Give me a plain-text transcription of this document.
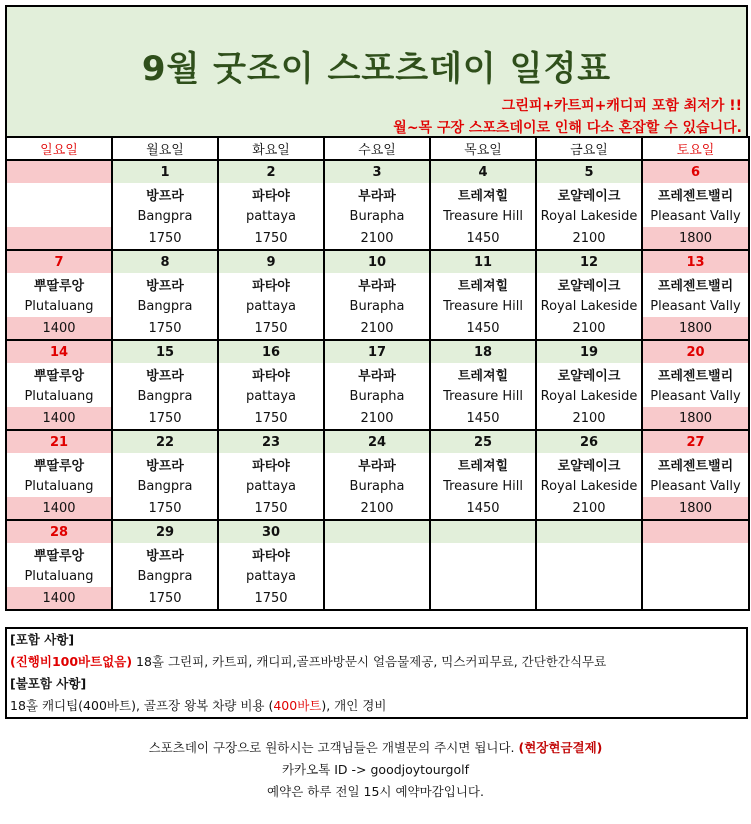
9월 굿조이 스포츠데이 일정표
그린피+카트피+캐디피 포함 최저가 !!
월~목 구장 스포츠데이로 인해 다소 혼잡할 수 있습니다.
일요일	월요일	화요일	수요일	목요일	금요일	토요일
	1	2	3	4	5	6
	방프라	파타야	부라파	트레져힐	로얄레이크	프레젠트밸리
	Bangpra	pattaya	Burapha	Treasure Hill	Royal Lakeside	Pleasant Vally
	1750	1750	2100	1450	2100	1800
7	8	9	10	11	12	13
뿌딸루앙	방프라	파타야	부라파	트레져힐	로얄레이크	프레젠트밸리
Plutaluang	Bangpra	pattaya	Burapha	Treasure Hill	Royal Lakeside	Pleasant Vally
1400	1750	1750	2100	1450	2100	1800
14	15	16	17	18	19	20
뿌딸루앙	방프라	파타야	부라파	트레져힐	로얄레이크	프레젠트밸리
Plutaluang	Bangpra	pattaya	Burapha	Treasure Hill	Royal Lakeside	Pleasant Vally
1400	1750	1750	2100	1450	2100	1800
21	22	23	24	25	26	27
뿌딸루앙	방프라	파타야	부라파	트레져힐	로얄레이크	프레젠트밸리
Plutaluang	Bangpra	pattaya	Burapha	Treasure Hill	Royal Lakeside	Pleasant Vally
1400	1750	1750	2100	1450	2100	1800
28	29	30				
뿌딸루앙	방프라	파타야				
Plutaluang	Bangpra	pattaya				
1400	1750	1750				
[포함 사항]
(진행비100바트없음) 18홀 그린피, 카트피, 캐디피,골프바방문시 얼음물제공, 믹스커피무료, 간단한간식무료
[불포함 사항]
18홀 캐디팁(400바트), 골프장 왕복 차량 비용 (400바트), 개인 경비
스포츠데이 구장으로 원하시는 고객님들은 개별문의 주시면 됩니다. (현장현금결제)
카카오톡 ID -> goodjoytourgolf
예약은 하루 전일 15시 예약마감입니다.
